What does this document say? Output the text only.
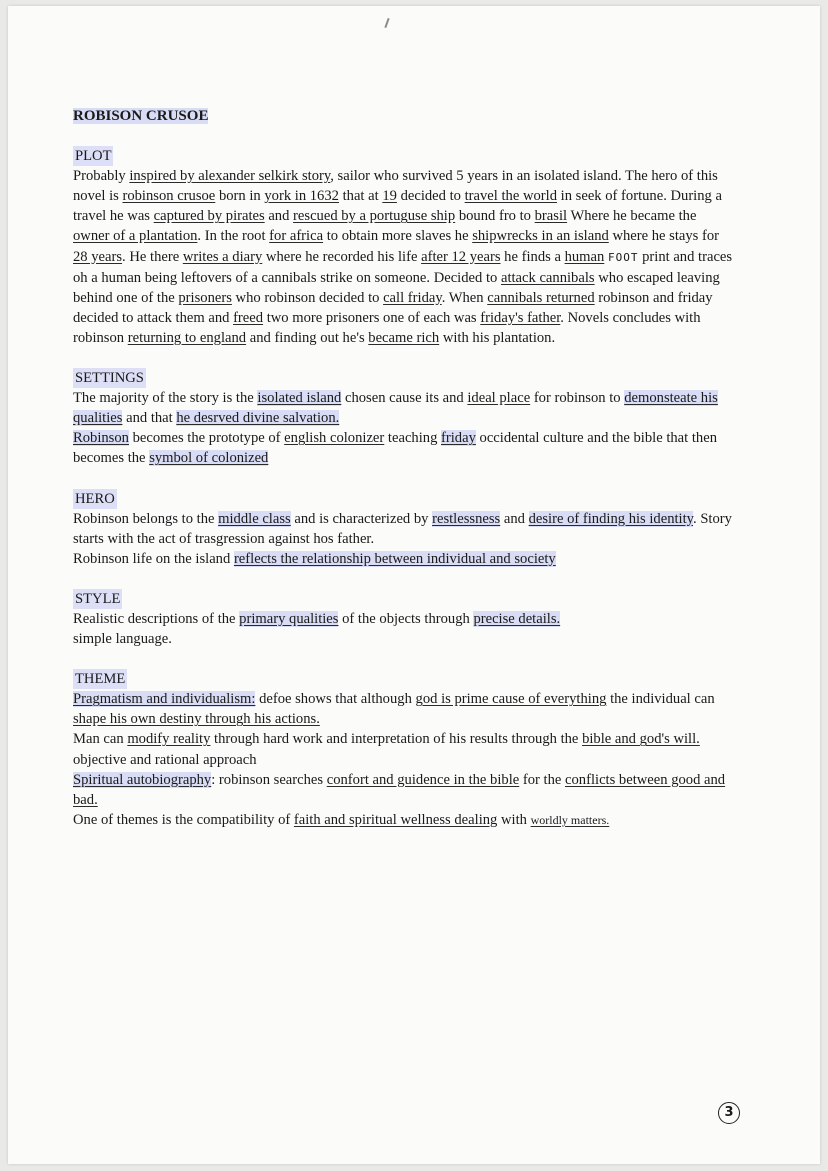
ROBISON CRUSOE
PLOT

Probably inspired by alexander selkirk story, sailor who survived 5 years in an isolated island. The hero of this novel is robinson crusoe born in york in 1632 that at 19 decided to travel the world in seek of fortune. During a travel he was captured by pirates and rescued by a portuguse ship bound fro to brasil Where he became the owner of a plantation. In the root for africa to obtain more slaves he shipwrecks in an island where he stays for 28 years. He there writes a diary where he recorded his life after 12 years he finds a human FOOT print and traces oh a human being leftovers of a cannibals strike on someone. Decided to attack cannibals who escaped leaving behind one of the prisoners who robinson decided to call friday. When cannibals returned robinson and friday decided to attack them and freed two more prisoners one of each was friday's father. Novels concludes with robinson returning to england and finding out he's became rich with his plantation.

SETTINGS

The majority of the story is the isolated island chosen cause its and ideal place for robinson to demonsteate his qualities and that he desrved divine salvation.
Robinson becomes the prototype of english colonizer teaching friday occidental culture and the bible that then becomes the symbol of colonized

HERO

Robinson belongs to the middle class and is characterized by restlessness and desire of finding his identity. Story starts with the act of trasgression against hos father.
Robinson life on the island reflects the relationship between individual and society

STYLE

Realistic descriptions of the primary qualities of the objects through precise details.
simple language.

THEME

Pragmatism and individualism: defoe shows that although god is prime cause of everything the individual can shape his own destiny through his actions.
Man can modify reality through hard work and interpretation of his results through the bible and god's will.
objective and rational approach
Spiritual autobiography: robinson searches confort and guidence in the bible for the conflicts between good and bad.
One of themes is the compatibility of faith and spiritual wellness dealing with worldly matters.

3
